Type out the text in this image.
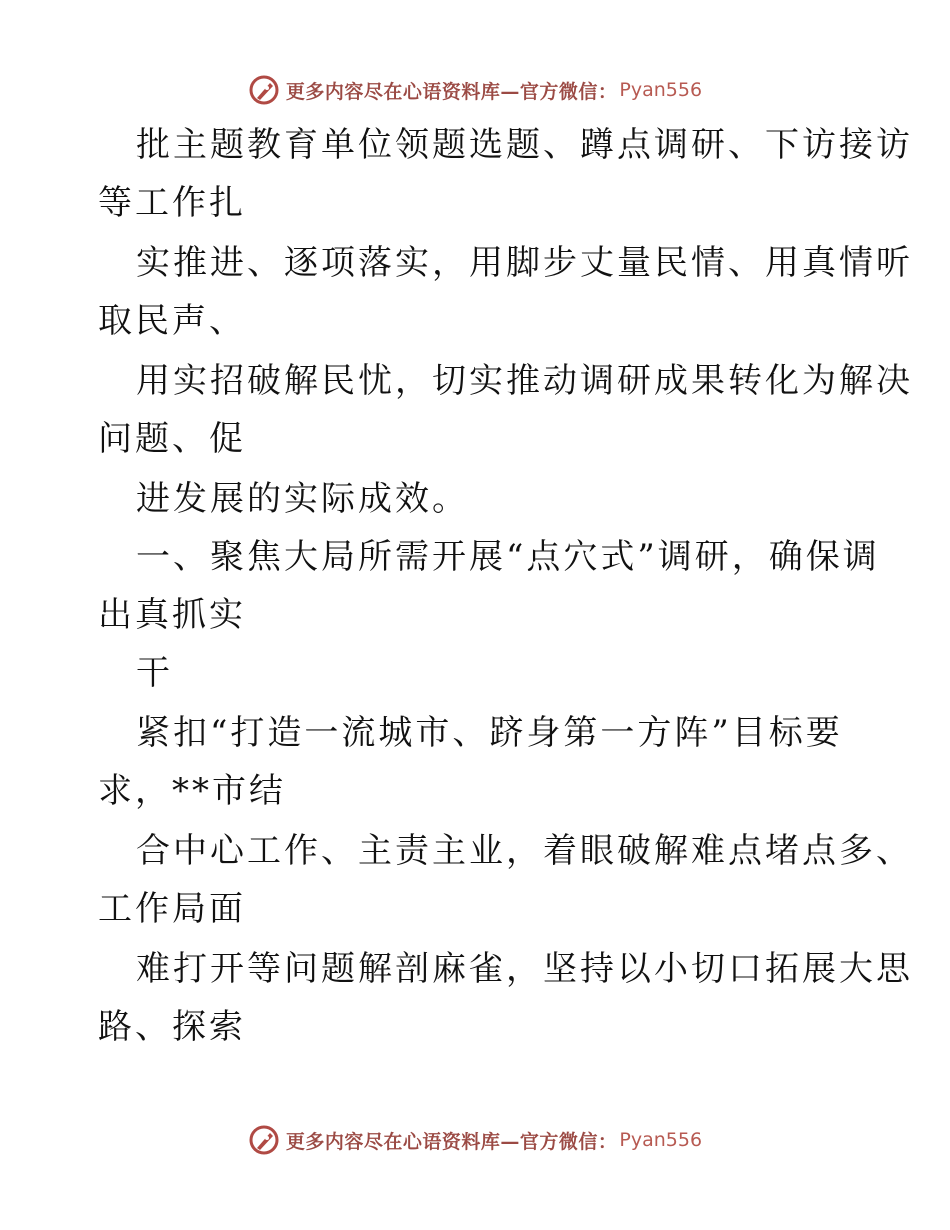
更多内容尽在心语资料库—官方微信： Pyan556
批主题教育单位领题选题、蹲点调研、下访接访
等工作扎
实推进、逐项落实，用脚步丈量民情、用真情听
取民声、
用实招破解民忧，切实推动调研成果转化为解决
问题、促
进发展的实际成效。
一、聚焦大局所需开展“点穴式”调研，确保调
出真抓实
干
紧扣“打造一流城市、跻身第一方阵”目标要
求，**市结
合中心工作、主责主业，着眼破解难点堵点多、
工作局面
难打开等问题解剖麻雀，坚持以小切口拓展大思
路、探索
更多内容尽在心语资料库—官方微信： Pyan556
